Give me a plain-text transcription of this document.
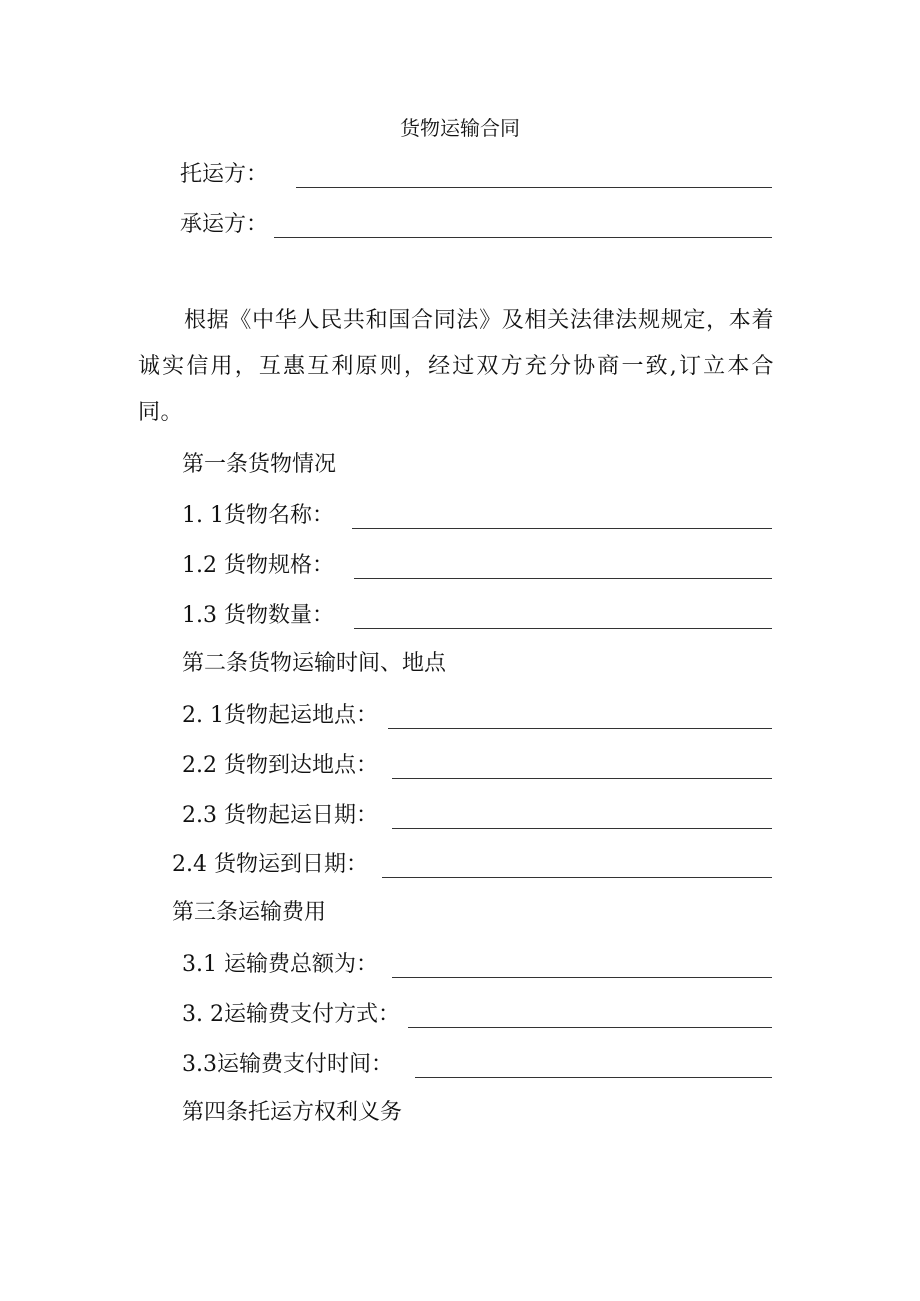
货物运输合同
托运方：
承运方：
根据《中华人民共和国合同法》及相关法律法规规定，本着诚实信用，互惠互利原则，经过双方充分协商一致,订立本合同。
第一条货物情况
1. 1货物名称：
1.2 货物规格：
1.3 货物数量：
第二条货物运输时间、地点
2. 1货物起运地点：
2.2 货物到达地点：
2.3 货物起运日期：
2.4 货物运到日期：
第三条运输费用
3.1 运输费总额为：
3. 2运输费支付方式：
3.3运输费支付时间：
第四条托运方权利义务
